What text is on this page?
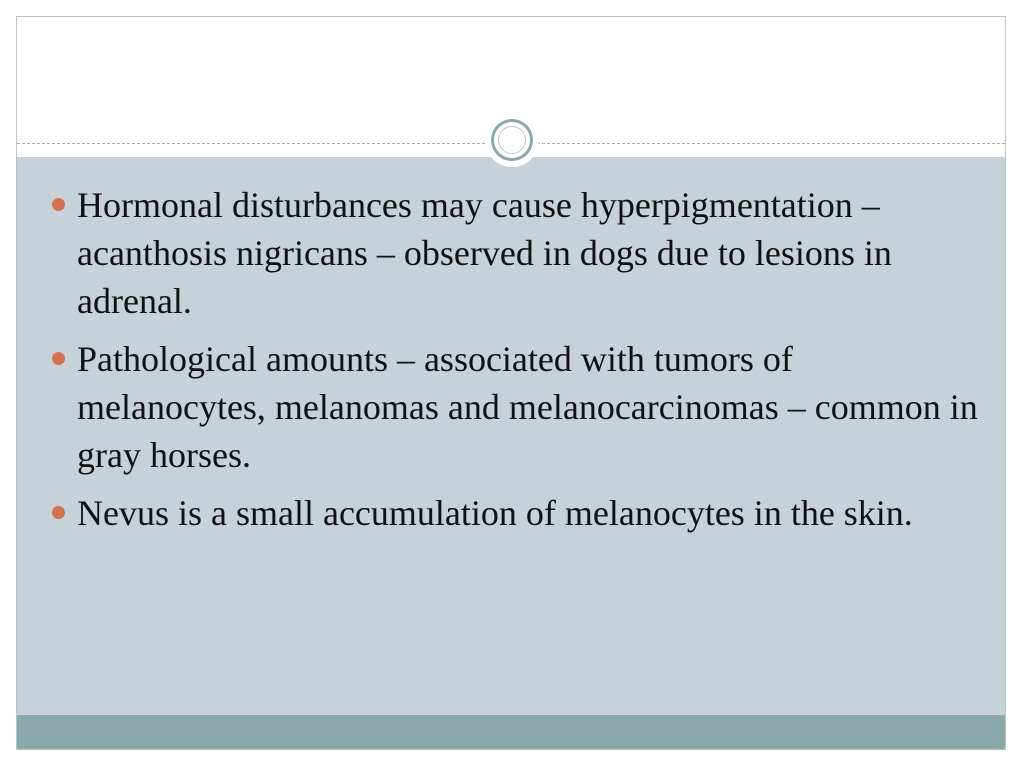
Hormonal disturbances may cause hyperpigmentation – acanthosis nigricans – observed in dogs due to lesions in adrenal.
Pathological amounts – associated with tumors of melanocytes, melanomas and melanocarcinomas – common in gray horses.
Nevus is a small accumulation of melanocytes in the skin.
